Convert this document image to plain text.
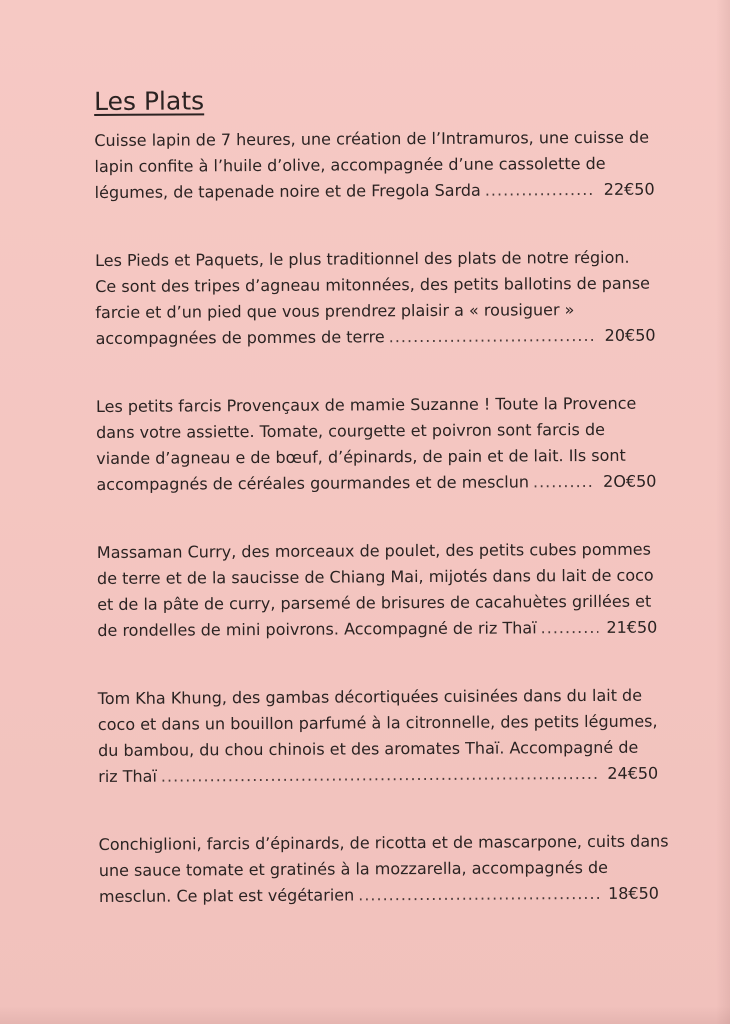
Les Plats
Cuisse lapin de 7 heures, une création de l’Intramuros, une cuisse de
lapin confite à l’huile d’olive, accompagnée d’une cassolette de
légumes, de tapenade noire et de Fregola Sarda .....	22€50
Les Pieds et Paquets, le plus traditionnel des plats de notre région.
Ce sont des tripes d’agneau mitonnées, des petits ballotins de panse
farcie et d’un pied que vous prendrez plaisir a « rousiguer »
accompagnées de pommes de terre .....	20€50
Les petits farcis Provençaux de mamie Suzanne ! Toute la Provence
dans votre assiette. Tomate, courgette et poivron sont farcis de
viande d’agneau e de bœuf, d’épinards, de pain et de lait. Ils sont
accompagnés de céréales gourmandes et de mesclun .....	2O€50
Massaman Curry, des morceaux de poulet, des petits cubes pommes
de terre et de la saucisse de Chiang Mai, mijotés dans du lait de coco
et de la pâte de curry, parsemé de brisures de cacahuètes grillées et
de rondelles de mini poivrons. Accompagné de riz Thaï .....	21€50
Tom Kha Khung, des gambas décortiquées cuisinées dans du lait de
coco et dans un bouillon parfumé à la citronnelle, des petits légumes,
du bambou, du chou chinois et des aromates Thaï. Accompagné de
riz Thaï .....	24€50
Conchiglioni, farcis d’épinards, de ricotta et de mascarpone, cuits dans
une sauce tomate et gratinés à la mozzarella, accompagnés de
mesclun. Ce plat est végétarien .....	18€50
